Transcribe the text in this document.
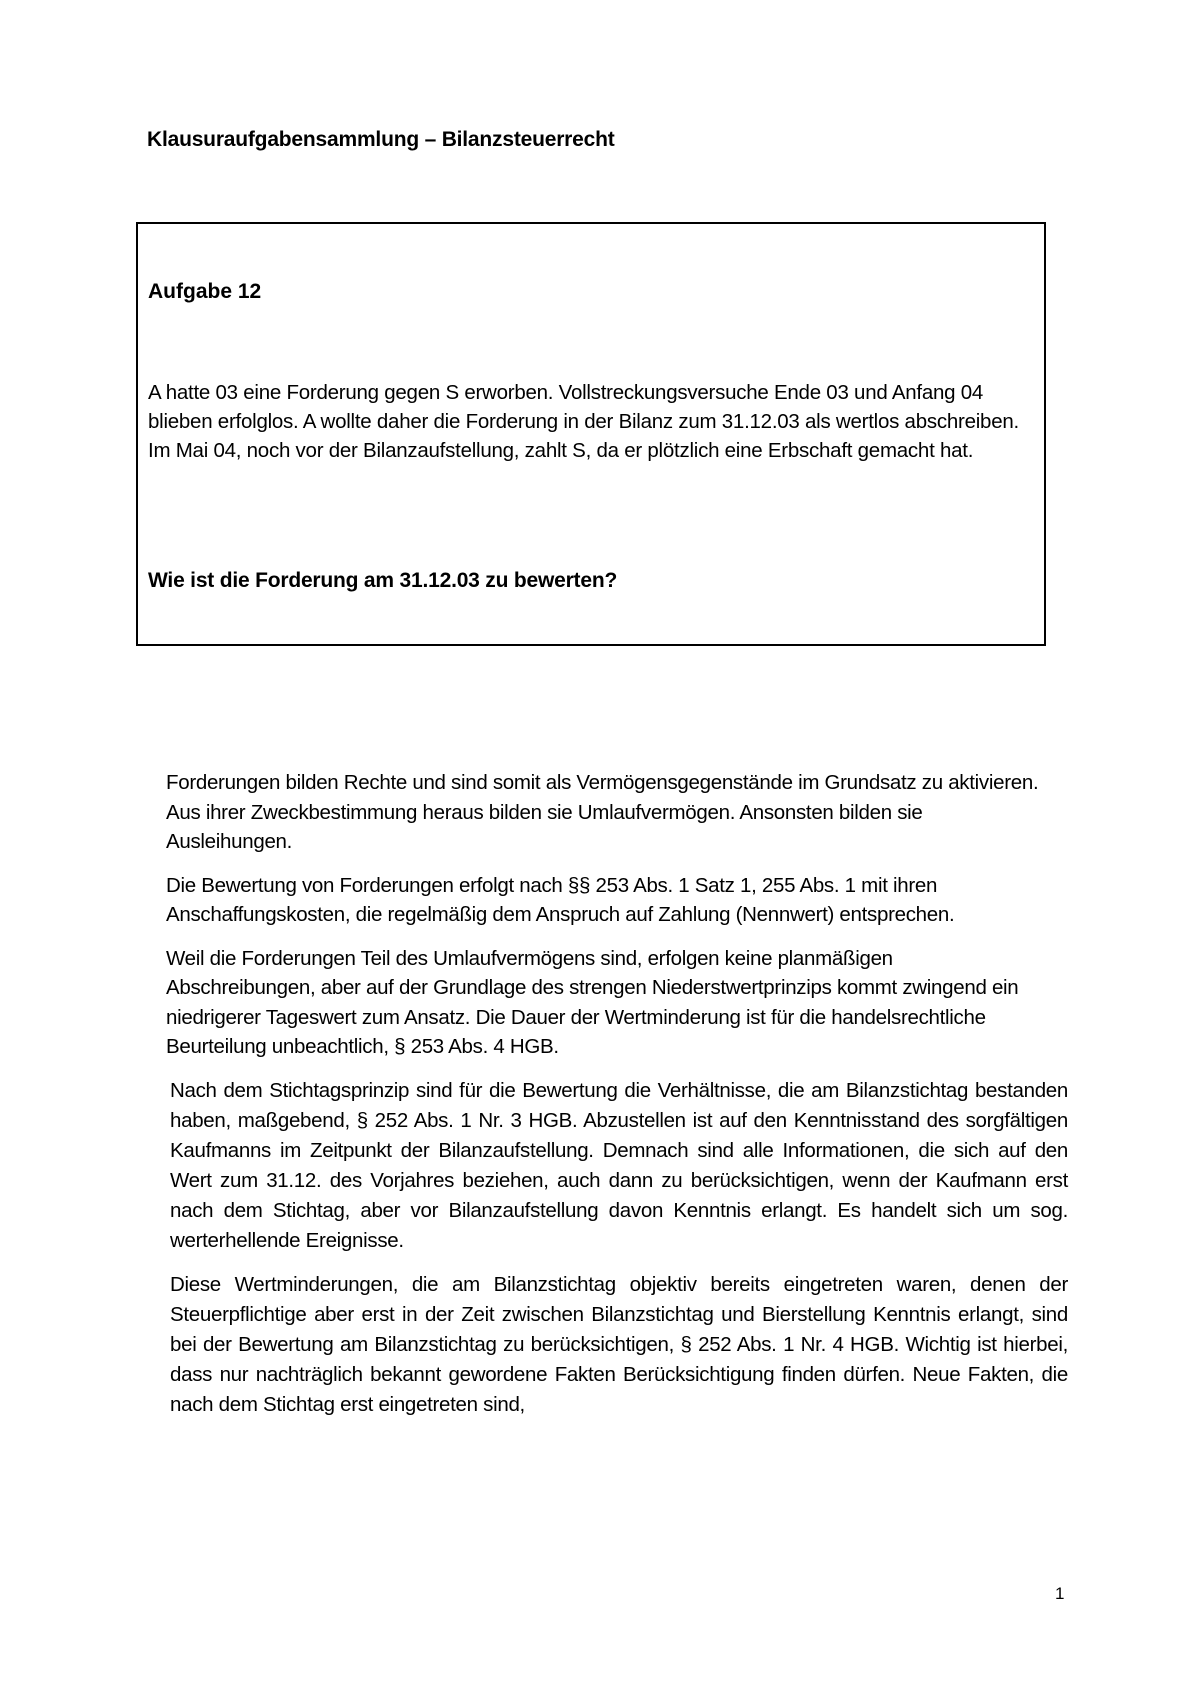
Klausuraufgabensammlung – Bilanzsteuerrecht
Aufgabe 12

A hatte 03 eine Forderung gegen S erworben. Vollstreckungsversuche Ende 03 und Anfang 04 blieben erfolglos. A wollte daher die Forderung in der Bilanz zum 31.12.03 als wertlos abschreiben. Im Mai 04, noch vor der Bilanzaufstellung, zahlt S, da er plötzlich eine Erbschaft gemacht hat.

Wie ist die Forderung am 31.12.03 zu bewerten?

Forderungen bilden Rechte und sind somit als Vermögensgegenstände im Grundsatz zu aktivieren. Aus ihrer Zweckbestimmung heraus bilden sie Umlaufvermögen. Ansonsten bilden sie Ausleihungen.

Die Bewertung von Forderungen erfolgt nach §§ 253 Abs. 1 Satz 1, 255 Abs. 1 mit ihren Anschaffungskosten, die regelmäßig dem Anspruch auf Zahlung (Nennwert) entsprechen.

Weil die Forderungen Teil des Umlaufvermögens sind, erfolgen keine planmäßigen Abschreibungen, aber auf der Grundlage des strengen Niederstwertprinzips kommt zwingend ein niedrigerer Tageswert zum Ansatz. Die Dauer der Wertminderung ist für die handelsrechtliche Beurteilung unbeachtlich, § 253 Abs. 4 HGB.

Nach dem Stichtagsprinzip sind für die Bewertung die Verhältnisse, die am Bilanzstichtag bestanden haben, maßgebend, § 252 Abs. 1 Nr. 3 HGB. Abzustellen ist auf den Kenntnisstand des sorgfältigen Kaufmanns im Zeitpunkt der Bilanzaufstellung. Demnach sind alle Informationen, die sich auf den Wert zum 31.12. des Vorjahres beziehen, auch dann zu berücksichtigen, wenn der Kaufmann erst nach dem Stichtag, aber vor Bilanzaufstellung davon Kenntnis erlangt. Es handelt sich um sog. werterhellende Ereignisse.

Diese Wertminderungen, die am Bilanzstichtag objektiv bereits eingetreten waren, denen der Steuerpflichtige aber erst in der Zeit zwischen Bilanzstichtag und Bierstellung Kenntnis erlangt, sind bei der Bewertung am Bilanzstichtag zu berücksichtigen, § 252 Abs. 1 Nr. 4 HGB. Wichtig ist hierbei, dass nur nachträglich bekannt gewordene Fakten Berücksichtigung finden dürfen. Neue Fakten, die nach dem Stichtag erst eingetreten sind,

1
